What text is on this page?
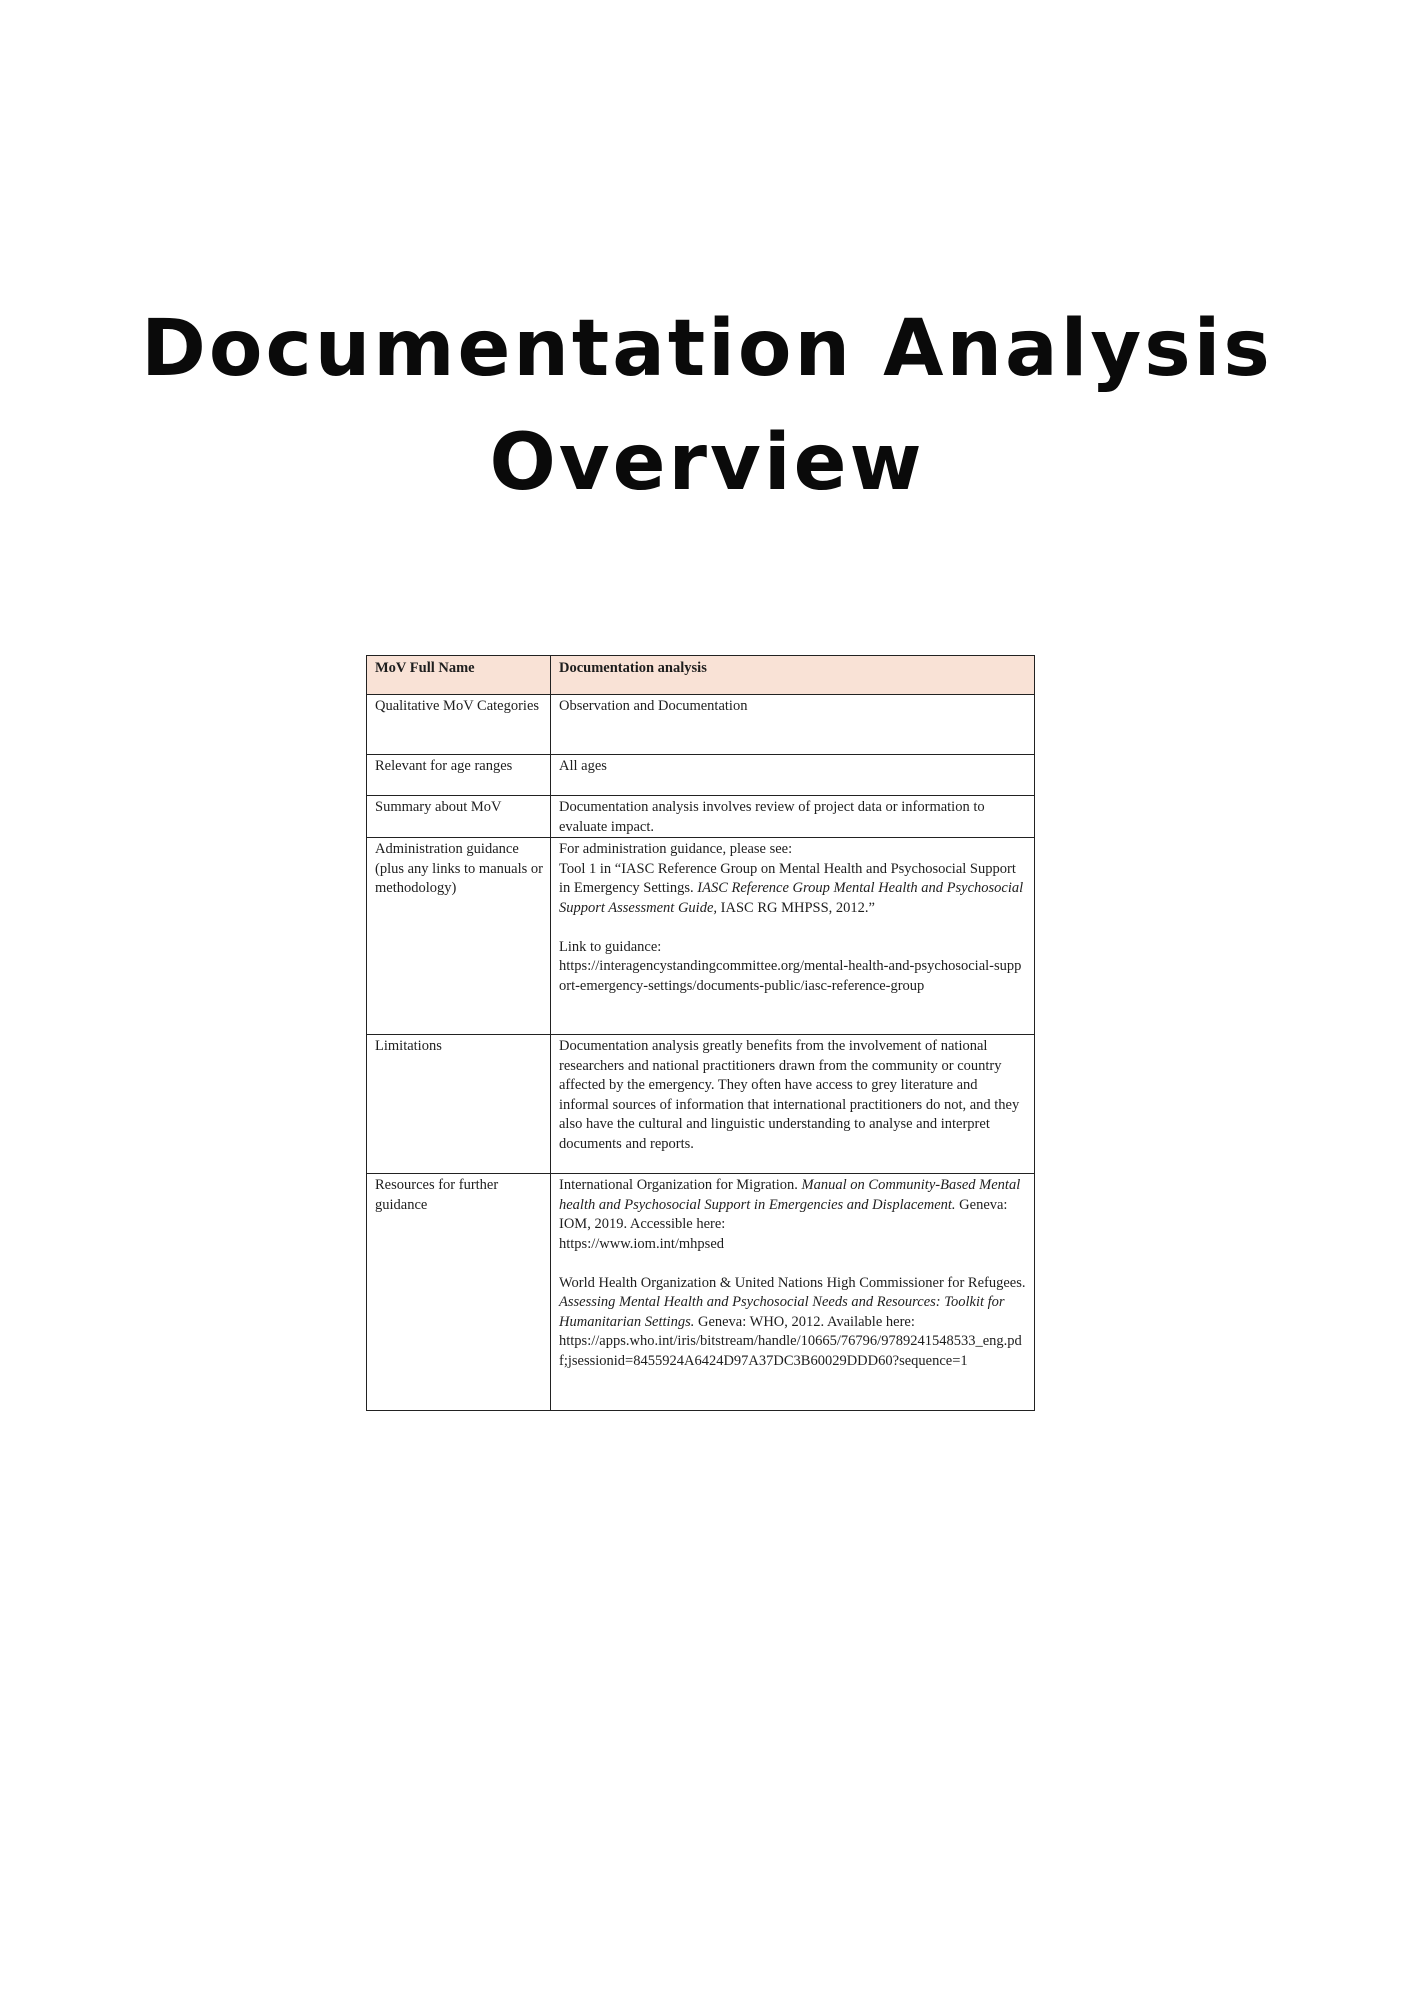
Documentation Analysis
Overview
MoV Full Name	Documentation analysis
Qualitative MoV Categories	Observation and Documentation
Relevant for age ranges	All ages
Summary about MoV	Documentation analysis involves review of project data or information to evaluate impact.
Administration guidance (plus any links to manuals or methodology)	For administration guidance, please see:
Tool 1 in “IASC Reference Group on Mental Health and Psychosocial Support in Emergency Settings. IASC Reference Group Mental Health and Psychosocial Support Assessment Guide, IASC RG MHPSS, 2012.”
Link to guidance:
https://interagencystandingcommittee.org/mental-health-and-psychosocial-support-emergency-settings/documents-public/iasc-reference-group

Limitations	Documentation analysis greatly benefits from the involvement of national researchers and national practitioners drawn from the community or country affected by the emergency. They often have access to grey literature and informal sources of information that international practitioners do not, and they also have the cultural and linguistic understanding to analyse and interpret documents and reports.
Resources for further guidance	International Organization for Migration. Manual on Community-Based Mental health and Psychosocial Support in Emergencies and Displacement. Geneva: IOM, 2019. Accessible here:
https://www.iom.int/mhpsed
World Health Organization & United Nations High Commissioner for Refugees. Assessing Mental Health and Psychosocial Needs and Resources: Toolkit for Humanitarian Settings. Geneva: WHO, 2012. Available here:
https://apps.who.int/iris/bitstream/handle/10665/76796/9789241548533_eng.pdf;jsessionid=8455924A6424D97A37DC3B60029DDD60?sequence=1
